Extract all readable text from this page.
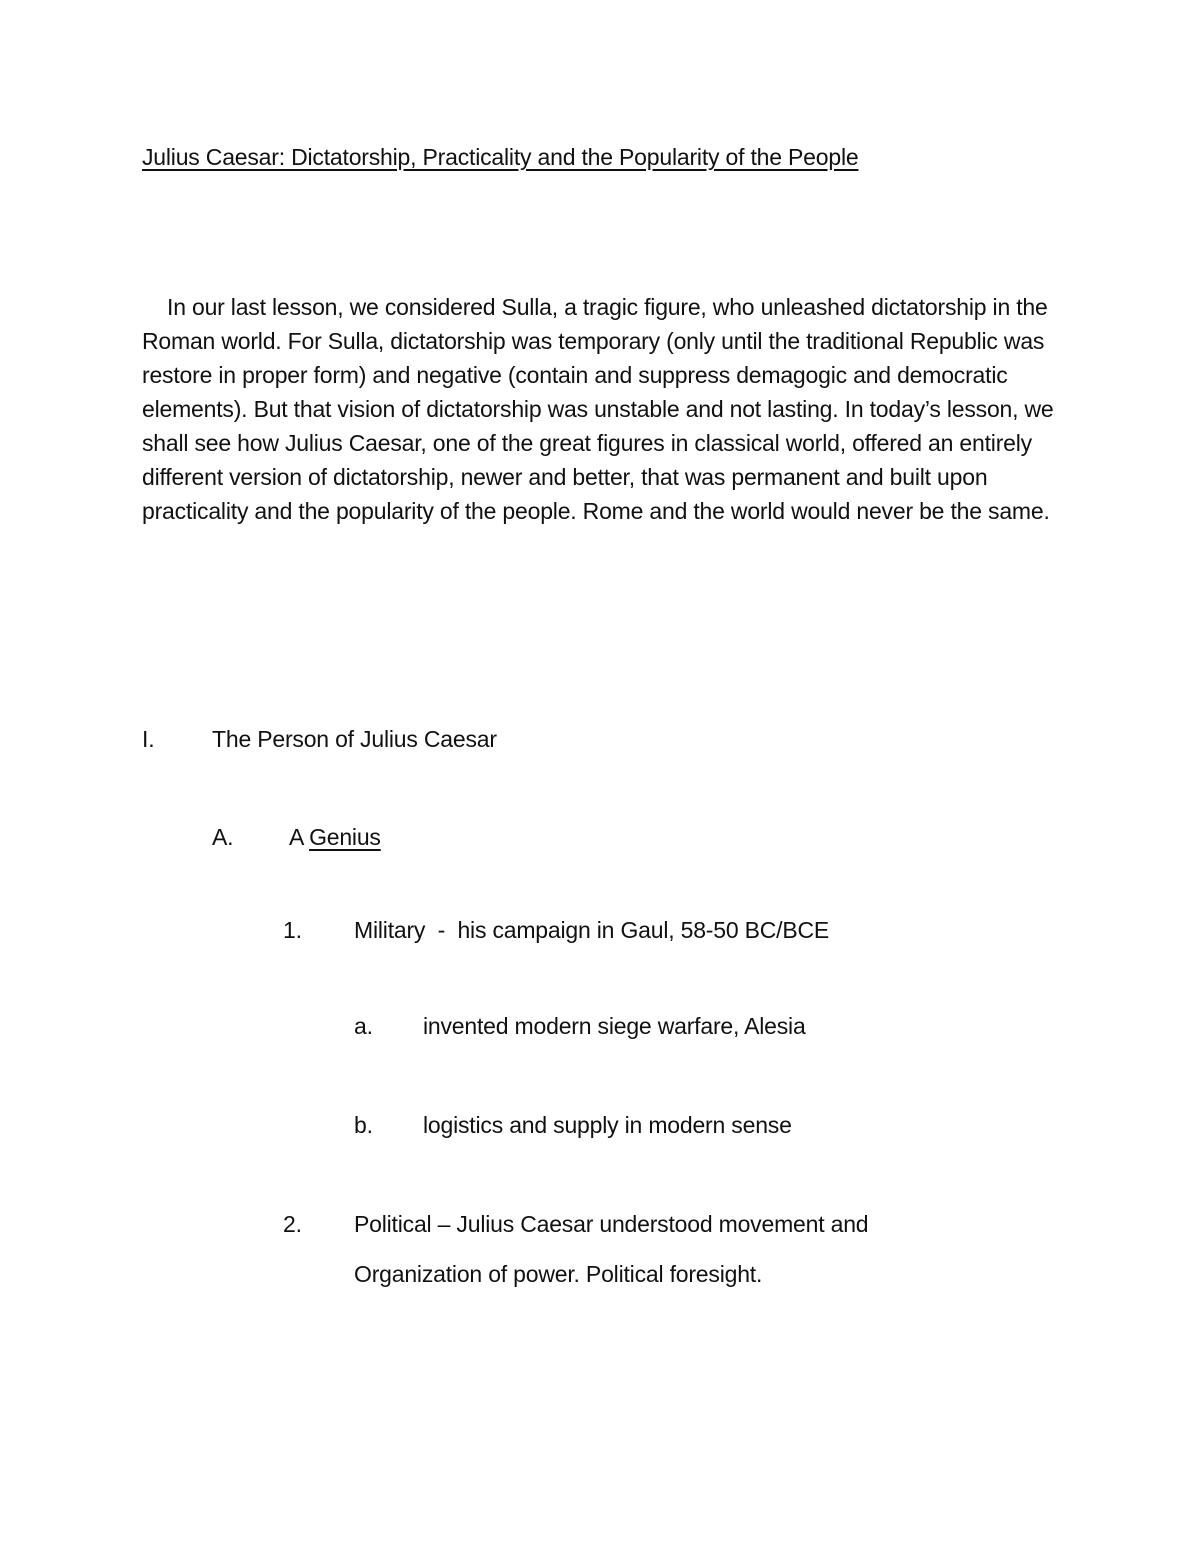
Julius Caesar: Dictatorship, Practicality and the Popularity of the People

In our last lesson, we considered Sulla, a tragic figure, who unleashed dictatorship in the Roman world. For Sulla, dictatorship was temporary (only until the traditional Republic was restore in proper form) and negative (contain and suppress demagogic and democratic elements). But that vision of dictatorship was unstable and not lasting. In today’s lesson, we shall see how Julius Caesar, one of the great figures in classical world, offered an entirely different version of dictatorship, newer and better, that was permanent and built upon practicality and the popularity of the people. Rome and the world would never be the same.

I.	The Person of Julius Caesar
A. A Genius
1. Military  -  his campaign in Gaul, 58-50 BC/BCE
a. invented modern siege warfare, Alesia
b. logistics and supply in modern sense
2. Political – Julius Caesar understood movement and
Organization of power. Political foresight.
